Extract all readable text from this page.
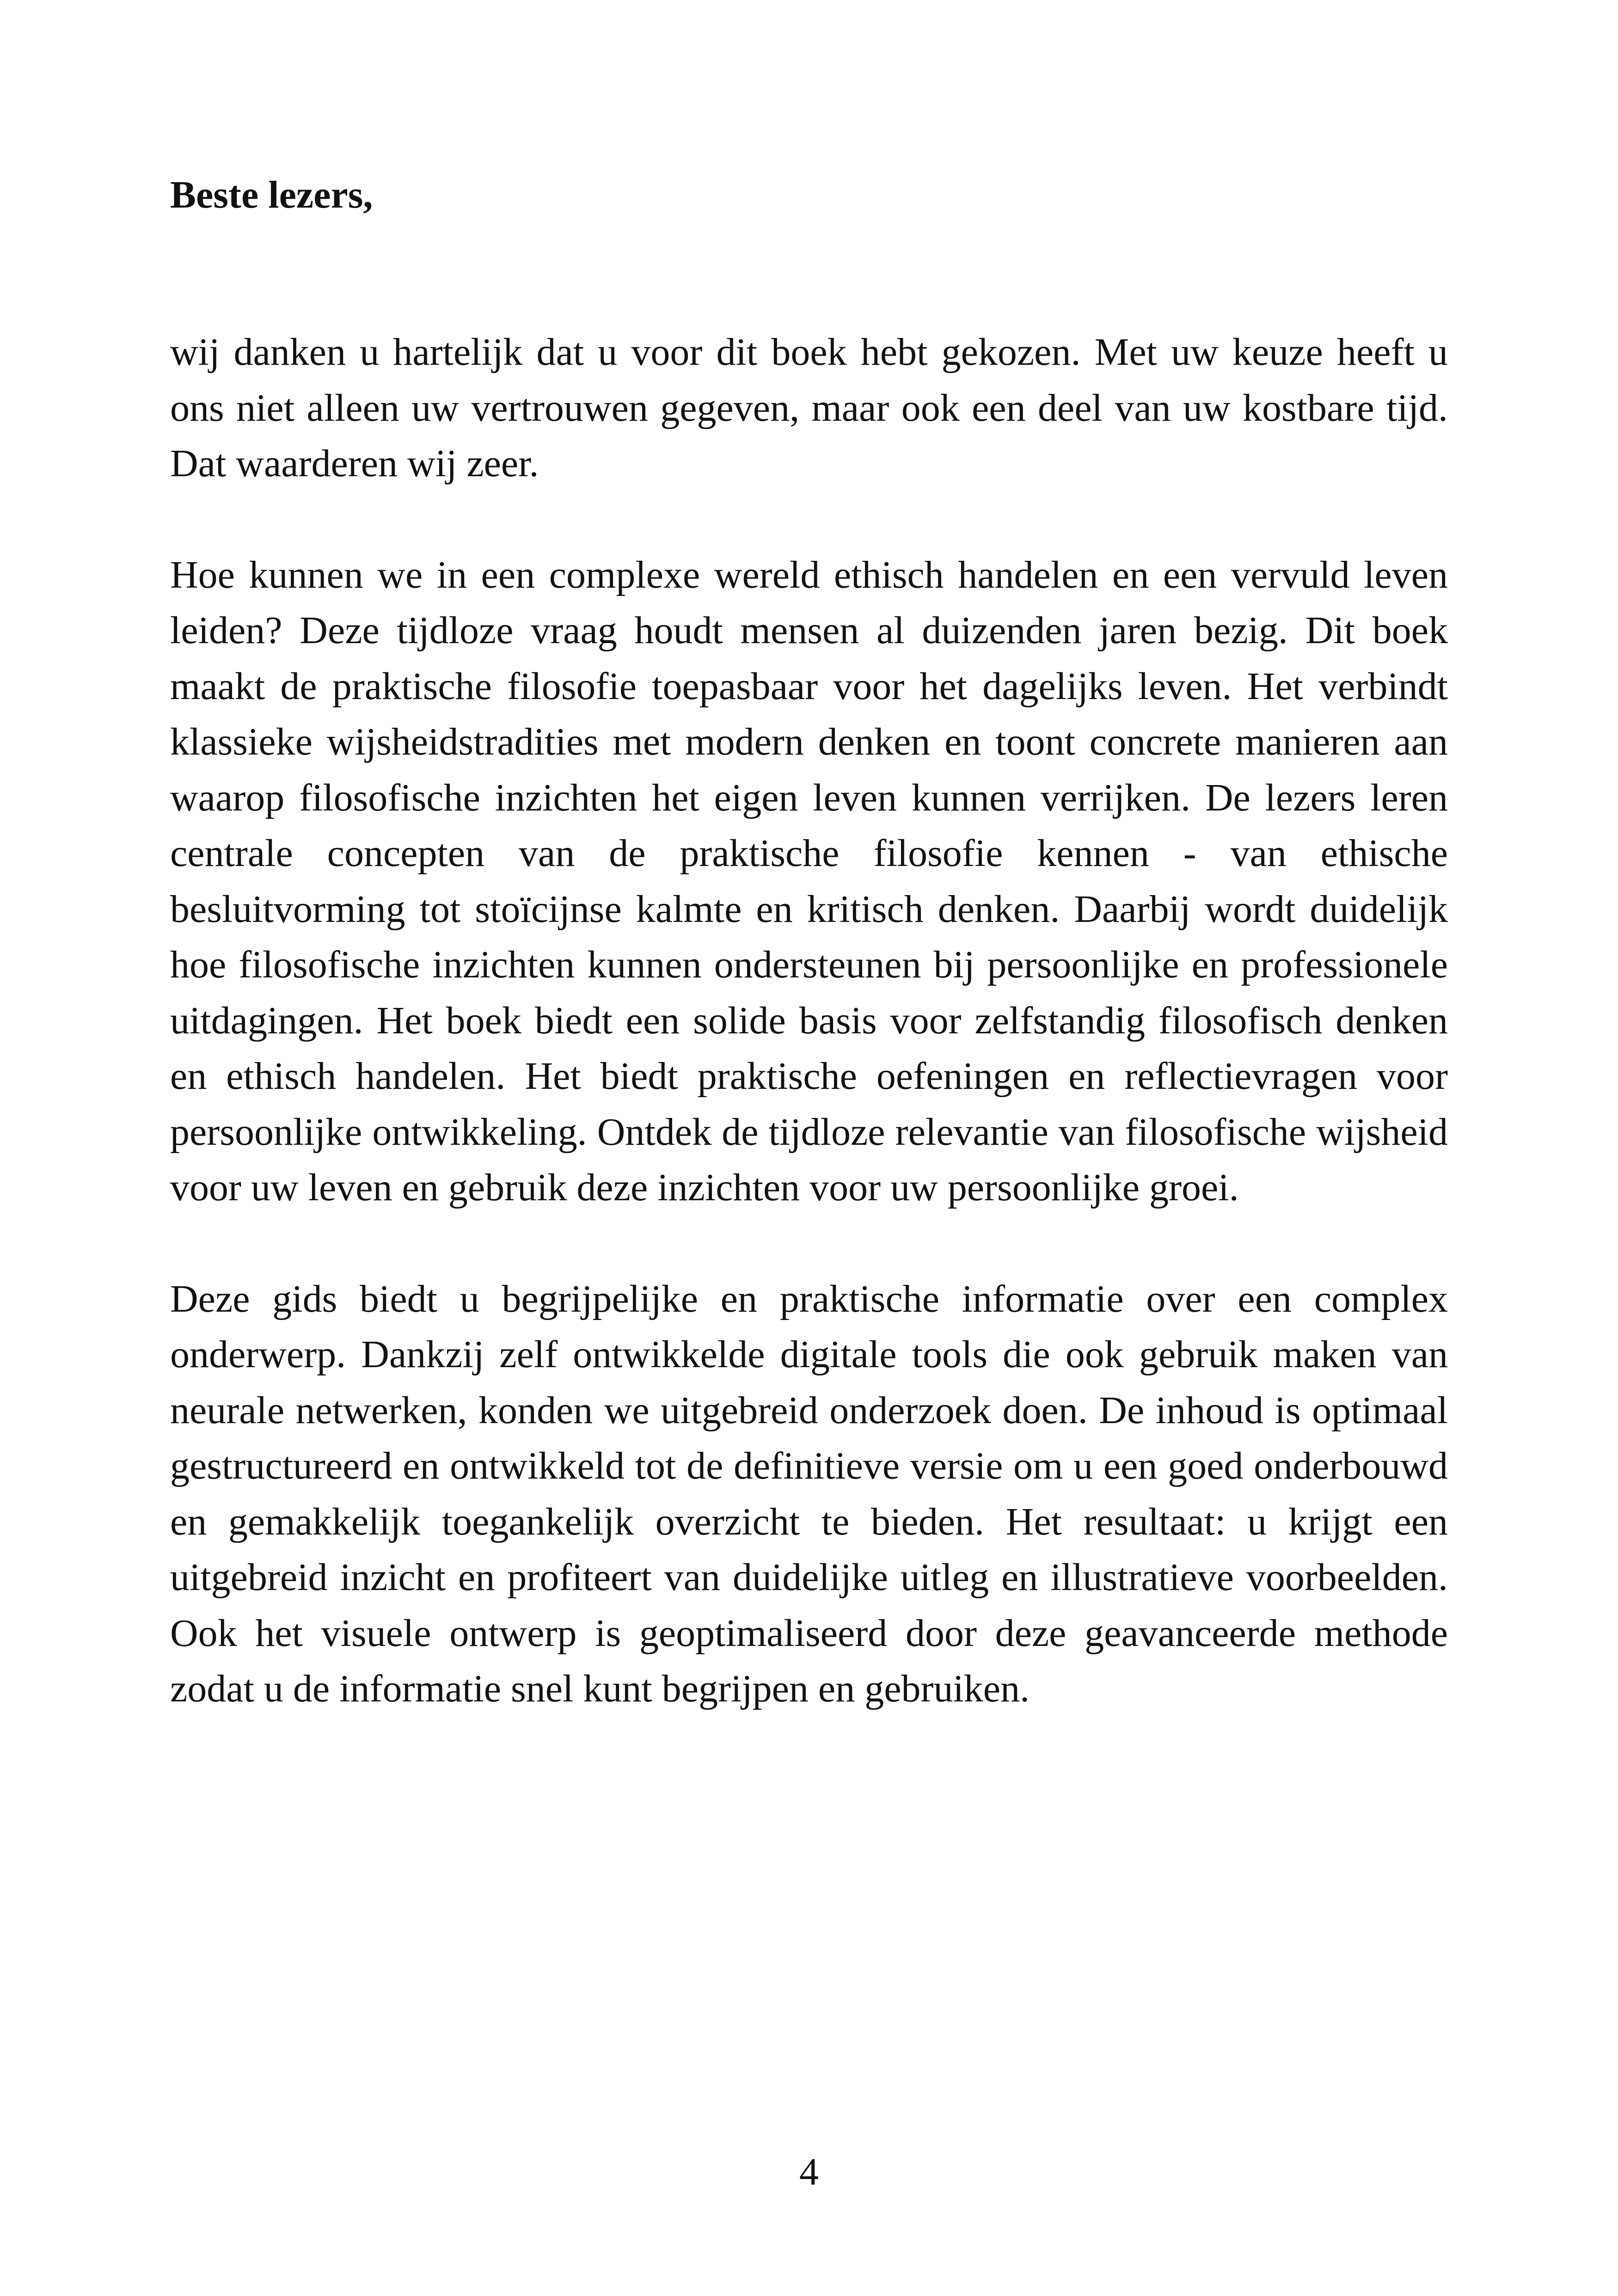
Beste lezers,

wij danken u hartelijk dat u voor dit boek hebt gekozen. Met uw keuze heeft u ons niet alleen uw vertrouwen gegeven, maar ook een deel van uw kostbare tijd. Dat waarderen wij zeer.

Hoe kunnen we in een complexe wereld ethisch handelen en een vervuld leven leiden? Deze tijdloze vraag houdt mensen al duizenden jaren bezig. Dit boek maakt de praktische filosofie toepasbaar voor het dagelijks leven. Het verbindt klassieke wijsheidstradities met modern denken en toont concrete manieren aan waarop filosofische inzichten het eigen leven kunnen verrijken. De lezers leren centrale concepten van de praktische filosofie kennen - van ethische besluitvorming tot stoïcijnse kalmte en kritisch denken. Daarbij wordt duidelijk hoe filosofische inzichten kunnen ondersteunen bij persoonlijke en professionele uitdagingen. Het boek biedt een solide basis voor zelfstandig filosofisch denken en ethisch handelen. Het biedt praktische oefeningen en reflectievragen voor persoonlijke ontwikkeling. Ontdek de tijdloze relevantie van filosofische wijsheid voor uw leven en gebruik deze inzichten voor uw persoonlijke groei.

Deze gids biedt u begrijpelijke en praktische informatie over een complex onderwerp. Dankzij zelf ontwikkelde digitale tools die ook gebruik maken van neurale netwerken, konden we uitgebreid onderzoek doen. De inhoud is optimaal gestructureerd en ontwikkeld tot de definitieve versie om u een goed onderbouwd en gemakkelijk toegankelijk overzicht te bieden. Het resultaat: u krijgt een uitgebreid inzicht en profiteert van duidelijke uitleg en illustratieve voorbeelden. Ook het visuele ontwerp is geoptimaliseerd door deze geavanceerde methode zodat u de informatie snel kunt begrijpen en gebruiken.

4
